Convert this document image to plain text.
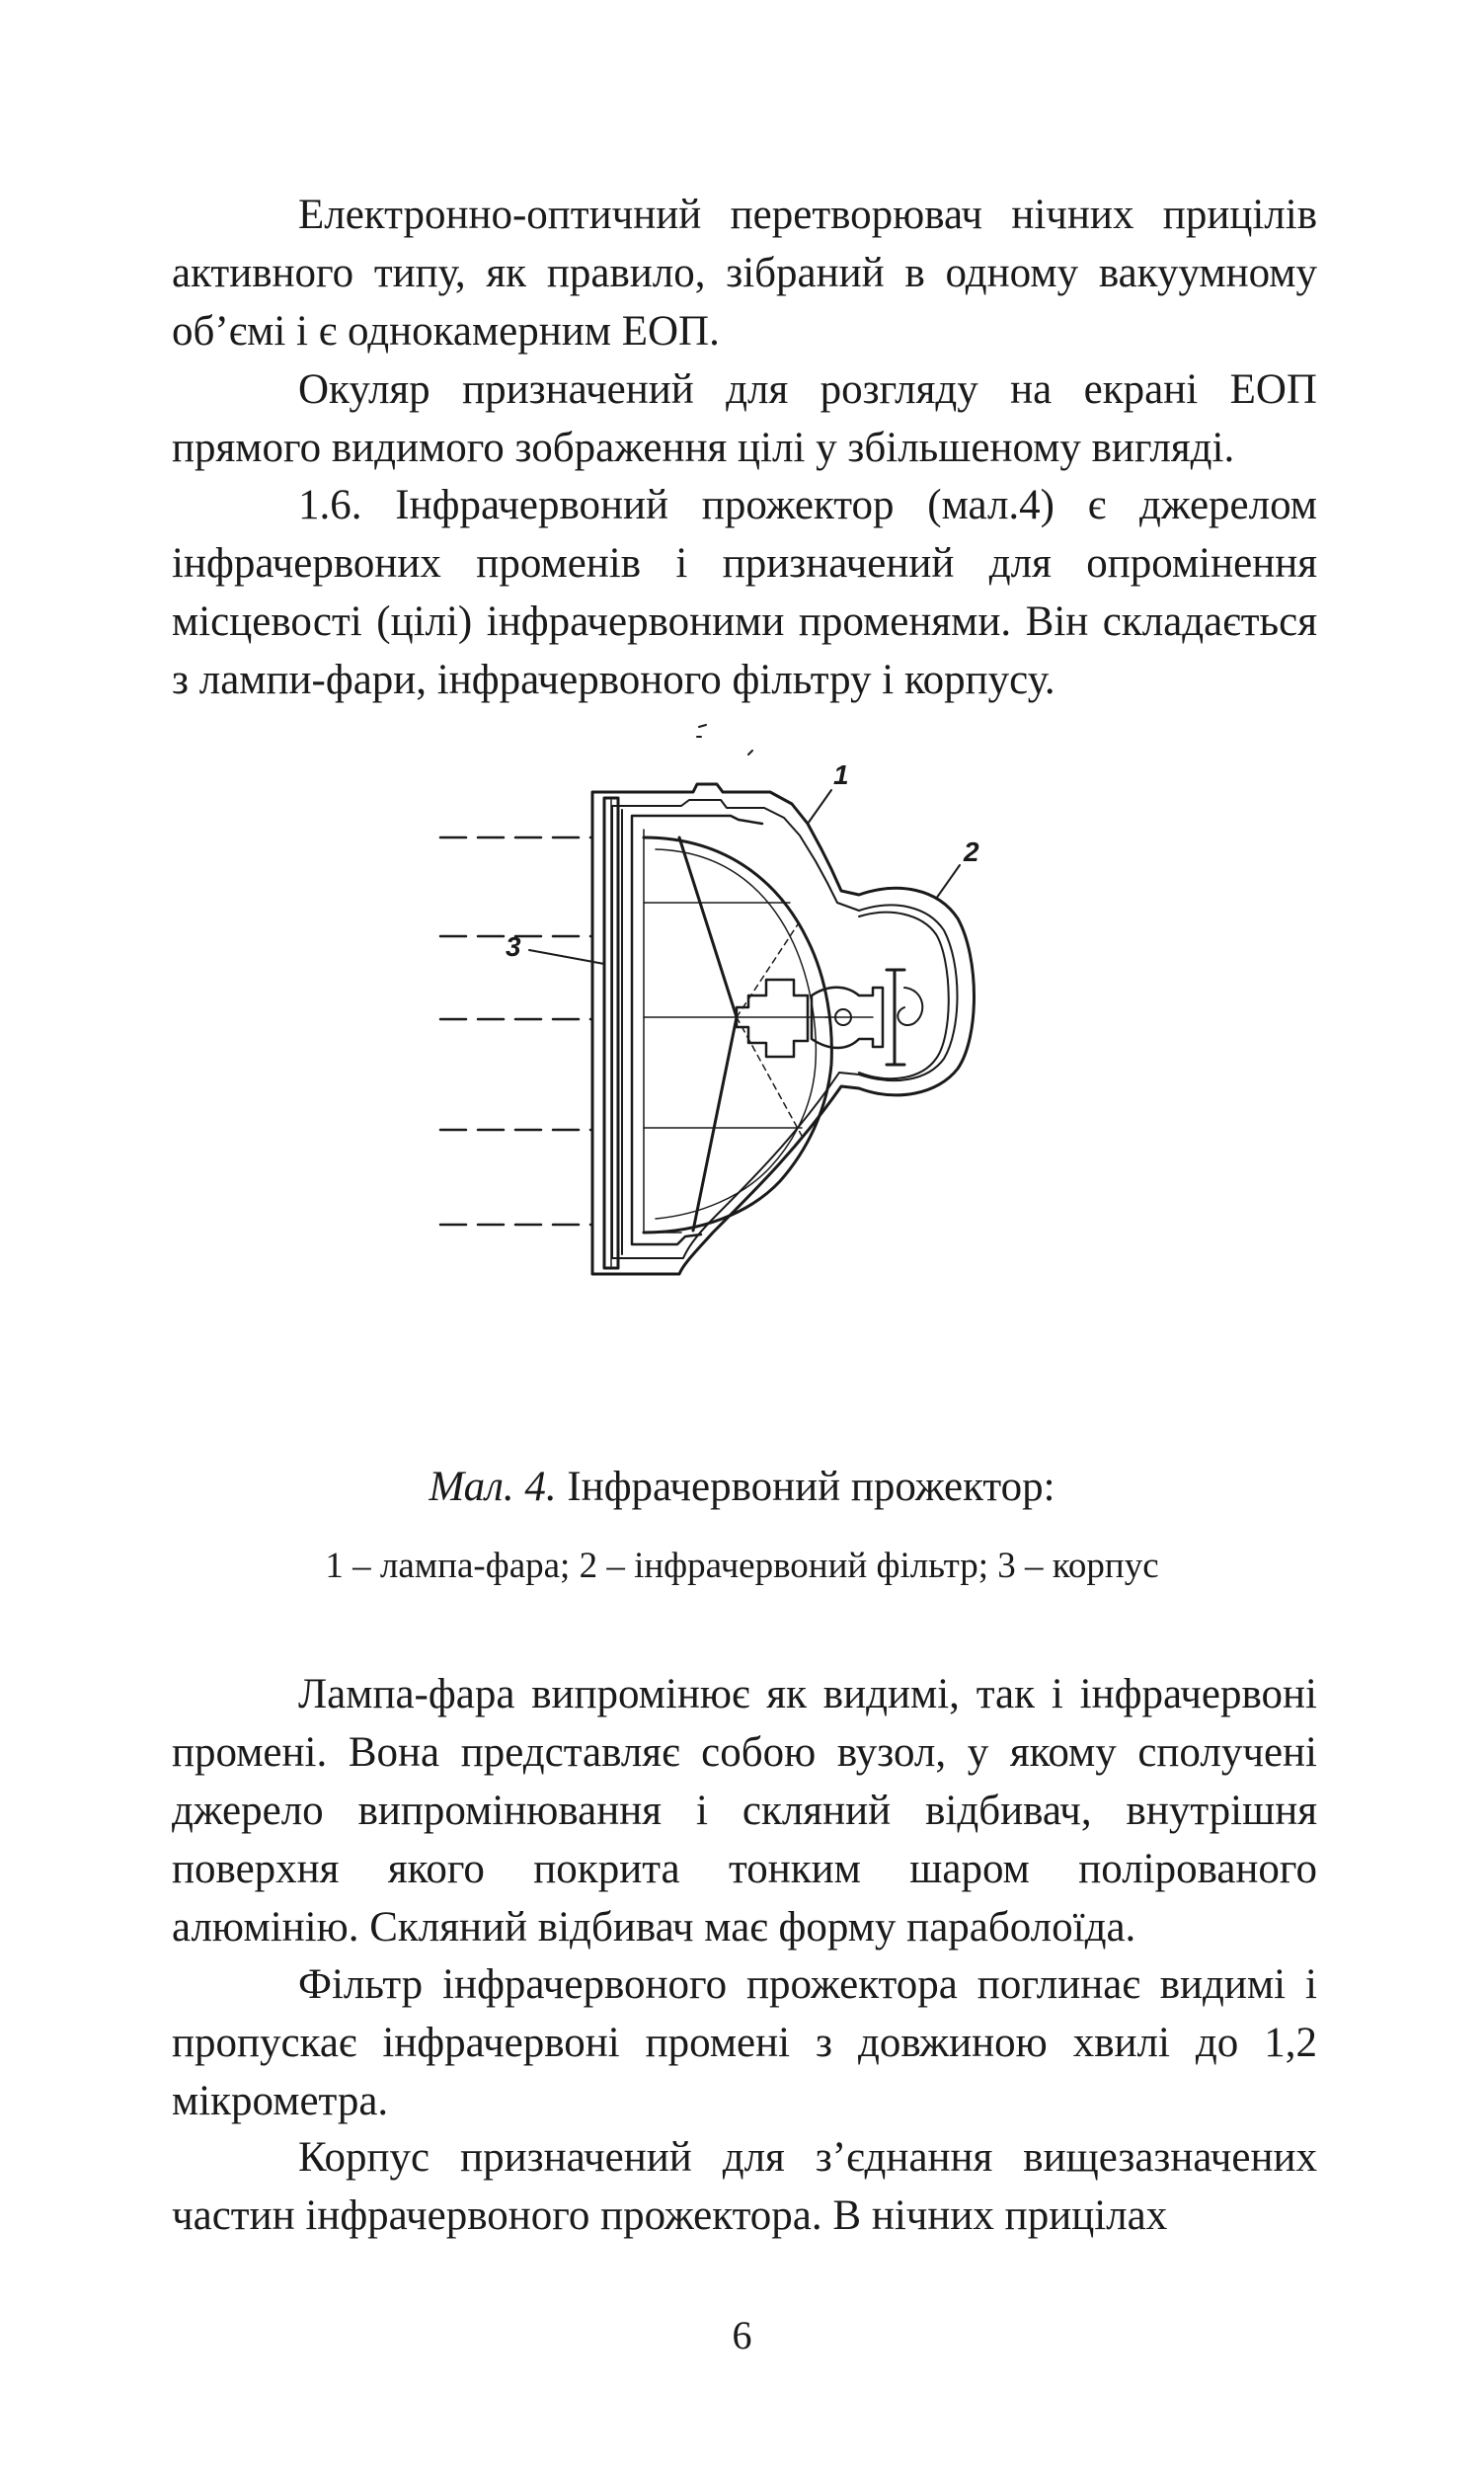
Електронно-оптичний перетворювач нічних прицілів активного типу, як правило, зібраний в одному вакуумному об’ємі і є однокамерним ЕОП.

Окуляр призначений для розгляду на екрані ЕОП прямого видимого зображення цілі у збільшеному вигляді.

1.6. Інфрачервоний прожектор (мал.4) є джерелом інфрачервоних променів і призначений для опромінення місцевості (цілі) інфрачервоними променями. Він складається з лампи-фари, інфрачервоного фільтру і корпусу.

1
2
3
Мал. 4. Інфрачервоний прожектор:
1 – лампа-фара; 2 – інфрачервоний фільтр; 3 – корпус

Лампа-фара випромінює як видимі, так і інфрачервоні промені. Вона представляє собою вузол, у якому сполучені джерело випромінювання і скляний відбивач, внутрішня поверхня якого покрита тонким шаром полірованого алюмінію. Скляний відбивач має форму параболоїда.

Фільтр інфрачервоного прожектора поглинає видимі і пропускає інфрачервоні промені з довжиною хвилі до 1,2 мікрометра.

Корпус призначений для з’єднання вищезазначених частин інфрачервоного прожектора. В нічних прицілах

6
